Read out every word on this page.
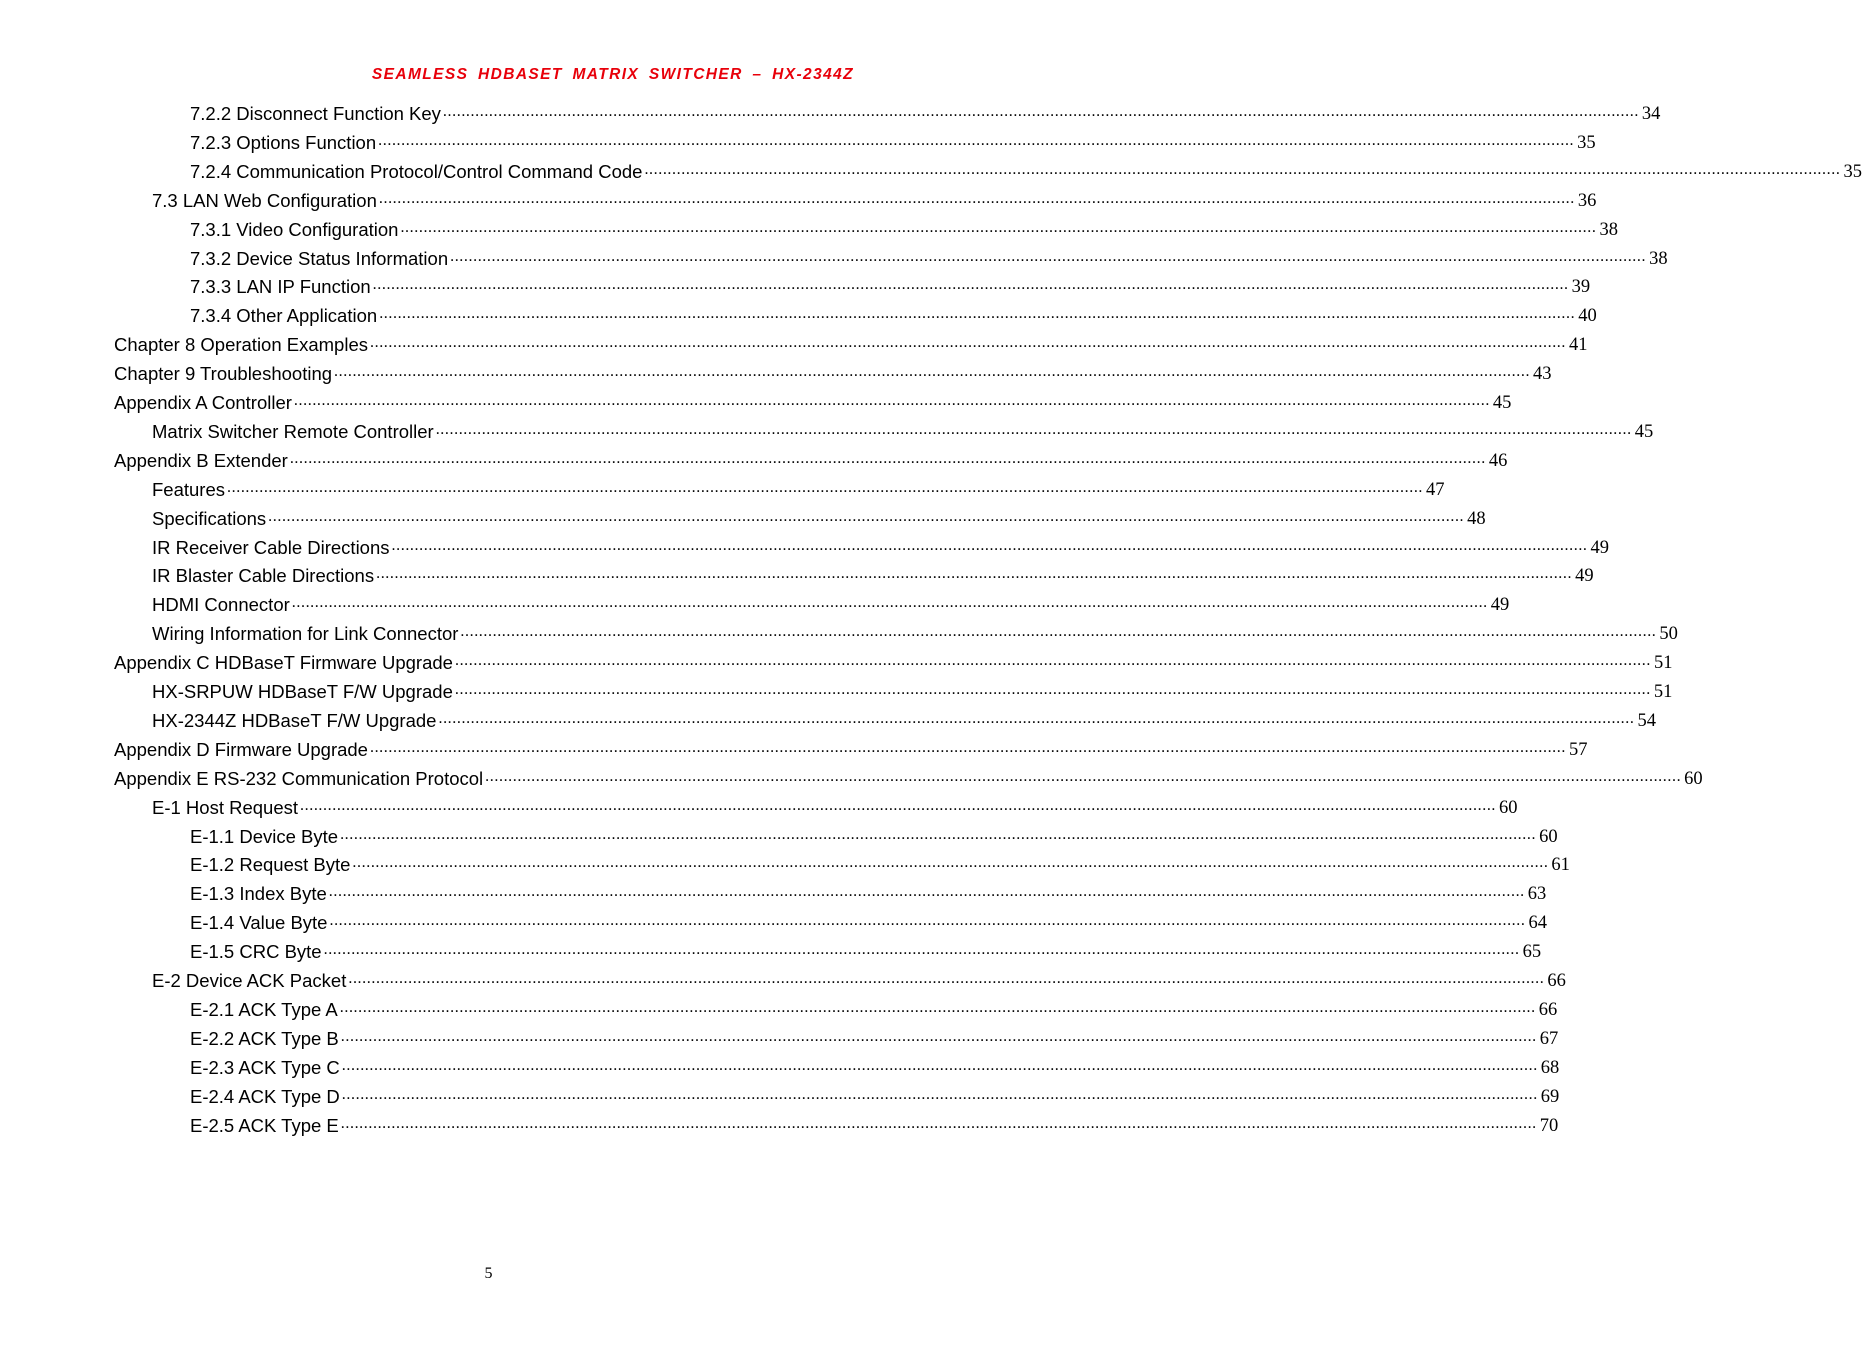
SEAMLESS HDBASET MATRIX SWITCHER – HX-2344Z
7.2.2 Disconnect Function Key .................................................................................................................................................................................................................................................................... 34
7.2.3 Options Function .................................................................................................................................................................................................................................................................... 35
7.2.4 Communication Protocol/Control Command Code .................................................................................................................................................................................................................................................................... 35
7.3 LAN Web Configuration .................................................................................................................................................................................................................................................................... 36
7.3.1 Video Configuration .................................................................................................................................................................................................................................................................... 38
7.3.2 Device Status Information .................................................................................................................................................................................................................................................................... 38
7.3.3 LAN IP Function .................................................................................................................................................................................................................................................................... 39
7.3.4 Other Application .................................................................................................................................................................................................................................................................... 40
Chapter 8 Operation Examples .................................................................................................................................................................................................................................................................... 41
Chapter 9 Troubleshooting .................................................................................................................................................................................................................................................................... 43
Appendix A Controller .................................................................................................................................................................................................................................................................... 45
Matrix Switcher Remote Controller .................................................................................................................................................................................................................................................................... 45
Appendix B Extender .................................................................................................................................................................................................................................................................... 46
Features .................................................................................................................................................................................................................................................................... 47
Specifications .................................................................................................................................................................................................................................................................... 48
IR Receiver Cable Directions .................................................................................................................................................................................................................................................................... 49
IR Blaster Cable Directions .................................................................................................................................................................................................................................................................... 49
HDMI Connector .................................................................................................................................................................................................................................................................... 49
Wiring Information for Link Connector .................................................................................................................................................................................................................................................................... 50
Appendix C HDBaseT Firmware Upgrade .................................................................................................................................................................................................................................................................... 51
HX-SRPUW HDBaseT F/W Upgrade .................................................................................................................................................................................................................................................................... 51
HX-2344Z HDBaseT F/W Upgrade .................................................................................................................................................................................................................................................................... 54
Appendix D Firmware Upgrade .................................................................................................................................................................................................................................................................... 57
Appendix E RS-232 Communication Protocol .................................................................................................................................................................................................................................................................... 60
E-1 Host Request .................................................................................................................................................................................................................................................................... 60
E-1.1 Device Byte .................................................................................................................................................................................................................................................................... 60
E-1.2 Request Byte .................................................................................................................................................................................................................................................................... 61
E-1.3 Index Byte .................................................................................................................................................................................................................................................................... 63
E-1.4 Value Byte .................................................................................................................................................................................................................................................................... 64
E-1.5 CRC Byte .................................................................................................................................................................................................................................................................... 65
E-2 Device ACK Packet .................................................................................................................................................................................................................................................................... 66
E-2.1 ACK Type A .................................................................................................................................................................................................................................................................... 66
E-2.2 ACK Type B .................................................................................................................................................................................................................................................................... 67
E-2.3 ACK Type C .................................................................................................................................................................................................................................................................... 68
E-2.4 ACK Type D .................................................................................................................................................................................................................................................................... 69
E-2.5 ACK Type E .................................................................................................................................................................................................................................................................... 70
5
